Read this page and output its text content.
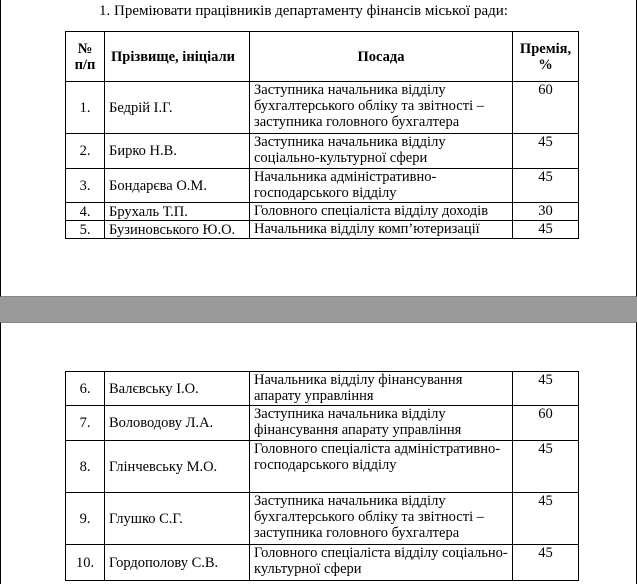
1. Преміювати працівників департаменту фінансів міської ради:
№ п/п	Прізвище, ініціали	Посада	Премія, %
1.	Бедрій І.Г.	Заступника начальника відділу бухгалтерського обліку та звітності – заступника головного бухгалтера	60
2.	Бирко Н.В.	Заступника начальника відділу соціально-культурної сфери	45
3.	Бондарєва О.М.	Начальника адміністративно-господарського відділу	45
4.	Брухаль Т.П.	Головного спеціаліста відділу доходів	30
5.	Бузиновського Ю.О.	Начальника відділу комп’ютеризації	45
6.	Валєвську І.О.	Начальника відділу фінансування апарату управління	45
7.	Воловодову Л.А.	Заступника начальника відділу фінансування апарату управління	60
8.	Глінчевську М.О.	Головного спеціаліста адміністративно-господарського відділу	45
9.	Глушко С.Г.	Заступника начальника відділу бухгалтерського обліку та звітності – заступника головного бухгалтера	45
10.	Гордополову С.В.	Головного спеціаліста відділу соціально-культурної сфери	45
